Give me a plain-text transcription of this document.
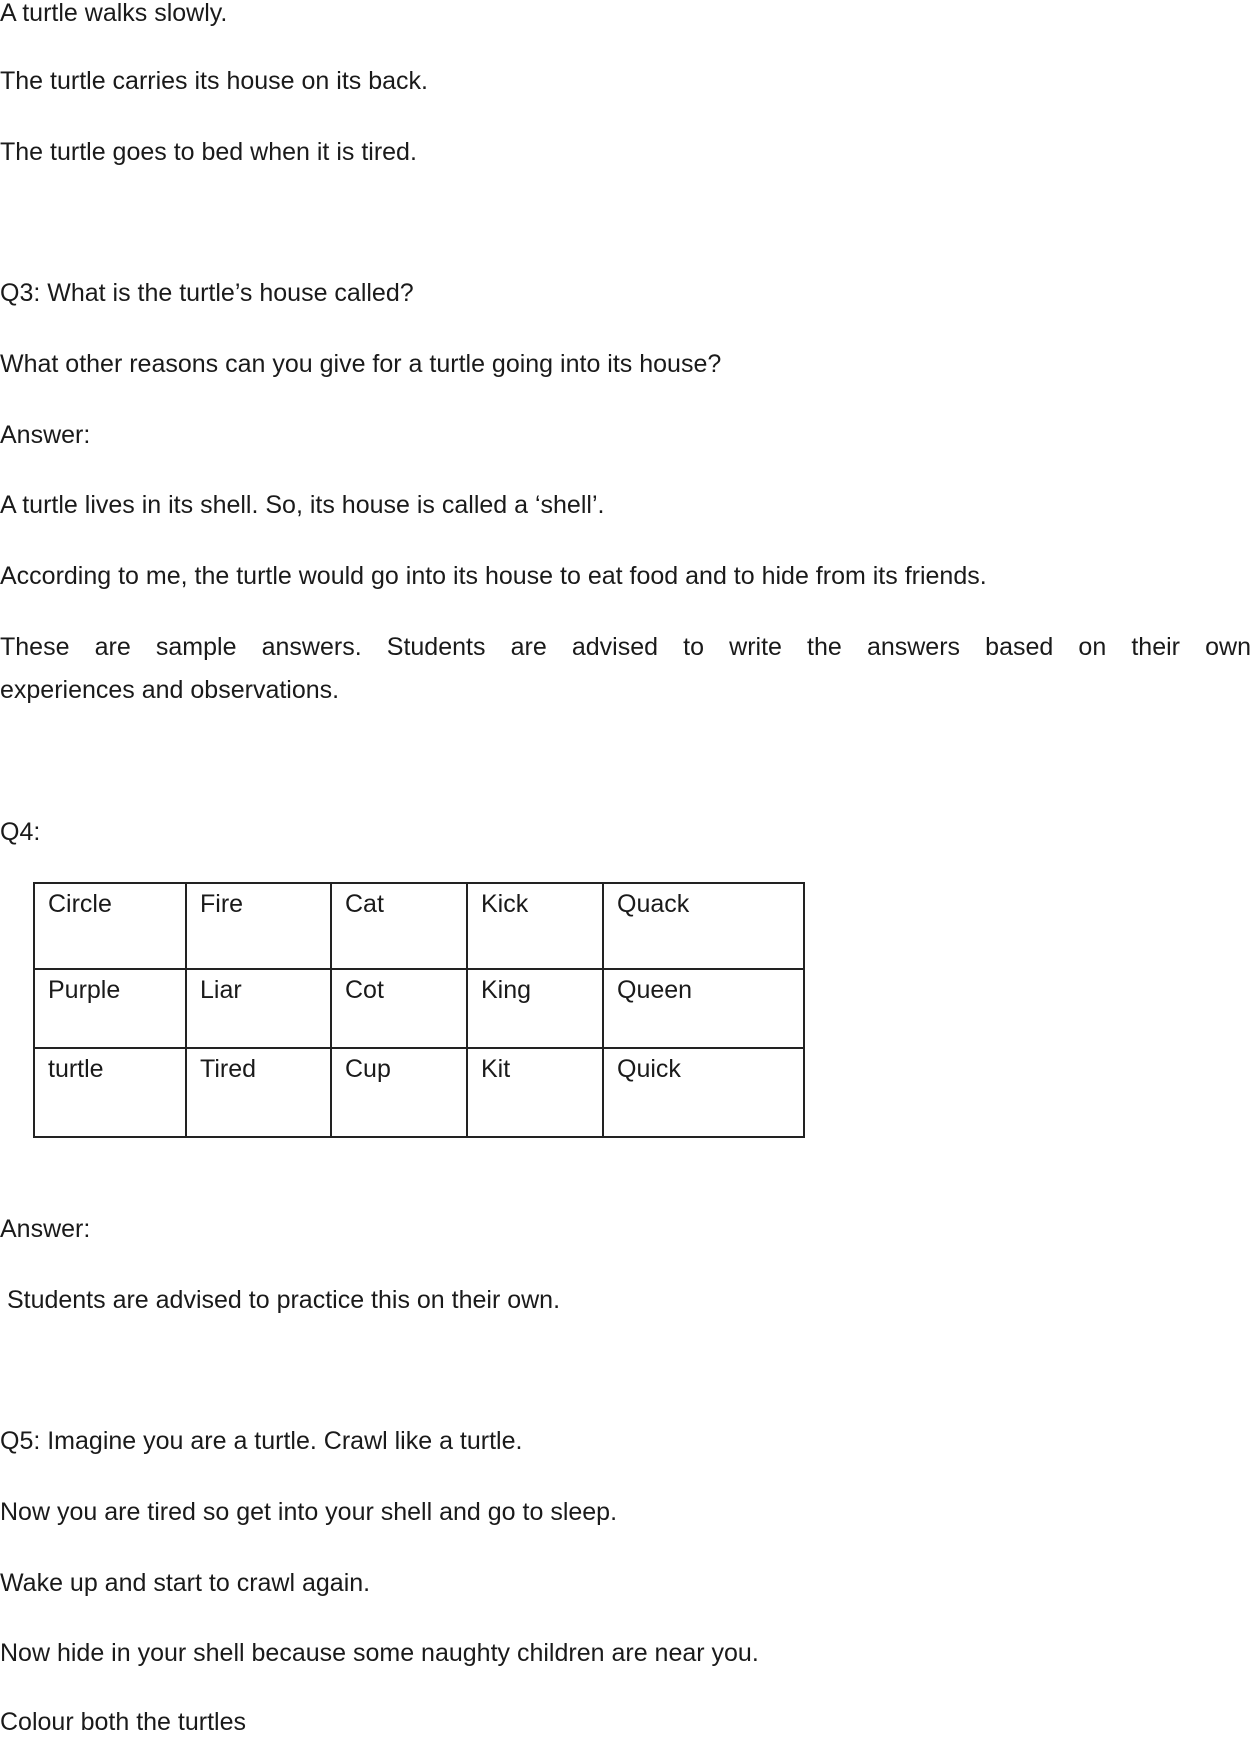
A turtle walks slowly.
The turtle carries its house on its back.
The turtle goes to bed when it is tired.
Q3: What is the turtle’s house called?
What other reasons can you give for a turtle going into its house?
Answer:
A turtle lives in its shell. So, its house is called a ‘shell’.
According to me, the turtle would go into its house to eat food and to hide from its friends.
These are sample answers. Students are advised to write the answers based on their own
experiences and observations.
Q4:
Circle	Fire	Cat	Kick	Quack
Purple	Liar	Cot	King	Queen
turtle	Tired	Cup	Kit	Quick
Answer:
Students are advised to practice this on their own.
Q5: Imagine you are a turtle. Crawl like a turtle.
Now you are tired so get into your shell and go to sleep.
Wake up and start to crawl again.
Now hide in your shell because some naughty children are near you.
Colour both the turtles
